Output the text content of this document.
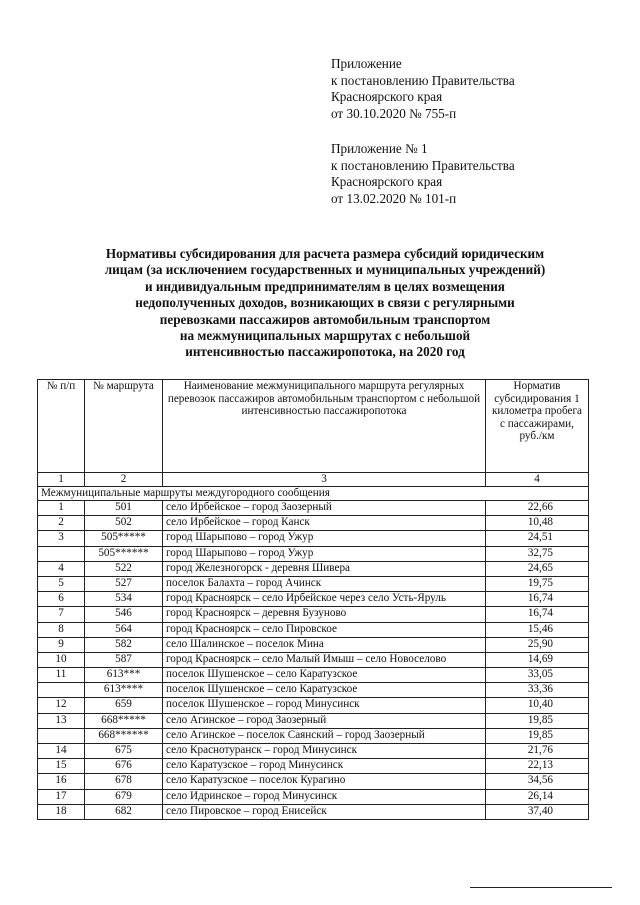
Приложение
к постановлению Правительства
Красноярского края
от 30.10.2020 № 755-п
Приложение № 1
к постановлению Правительства
Красноярского края
от 13.02.2020 № 101-п
Нормативы субсидирования для расчета размера субсидий юридическим
лицам (за исключением государственных и муниципальных учреждений)
и индивидуальным предпринимателям в целях возмещения
недополученных доходов, возникающих в связи с регулярными
перевозками пассажиров автомобильным транспортом
на межмуниципальных маршрутах с небольшой
интенсивностью пассажиропотока, на 2020 год
№ п/п	№ маршрута	Наименование межмуниципального маршрута регулярных перевозок пассажиров автомобильным транспортом с небольшой интенсивностью пассажиропотока	Норматив субсидирования 1 километра пробега с пассажирами, руб./км
1	2	3	4
Межмуниципальные маршруты междугородного сообщения			
1	501	село Ирбейское – город Заозерный	22,66
2	502	село Ирбейское – город Канск	10,48
3	505*****	город Шарыпово – город Ужур	24,51
	505******	город Шарыпово – город Ужур	32,75
4	522	город Железногорск - деревня Шивера	24,65
5	527	поселок Балахта – город Ачинск	19,75
6	534	город Красноярск – село Ирбейское через село Усть-Яруль	16,74
7	546	город Красноярск – деревня Бузуново	16,74
8	564	город Красноярск – село Пировское	15,46
9	582	село Шалинское – поселок Мина	25,90
10	587	город Красноярск – село Малый Имыш – село Новоселово	14,69
11	613***	поселок Шушенское – село Каратузское	33,05
	613****	поселок Шушенское – село Каратузское	33,36
12	659	поселок Шушенское – город Минусинск	10,40
13	668*****	село Агинское – город Заозерный	19,85
	668******	село Агинское – поселок Саянский – город Заозерный	19,85
14	675	село Краснотуранск – город Минусинск	21,76
15	676	село Каратузское – город Минусинск	22,13
16	678	село Каратузское – поселок Курагино	34,56
17	679	село Идринское – город Минусинск	26,14
18	682	село Пировское – город Енисейск	37,40
